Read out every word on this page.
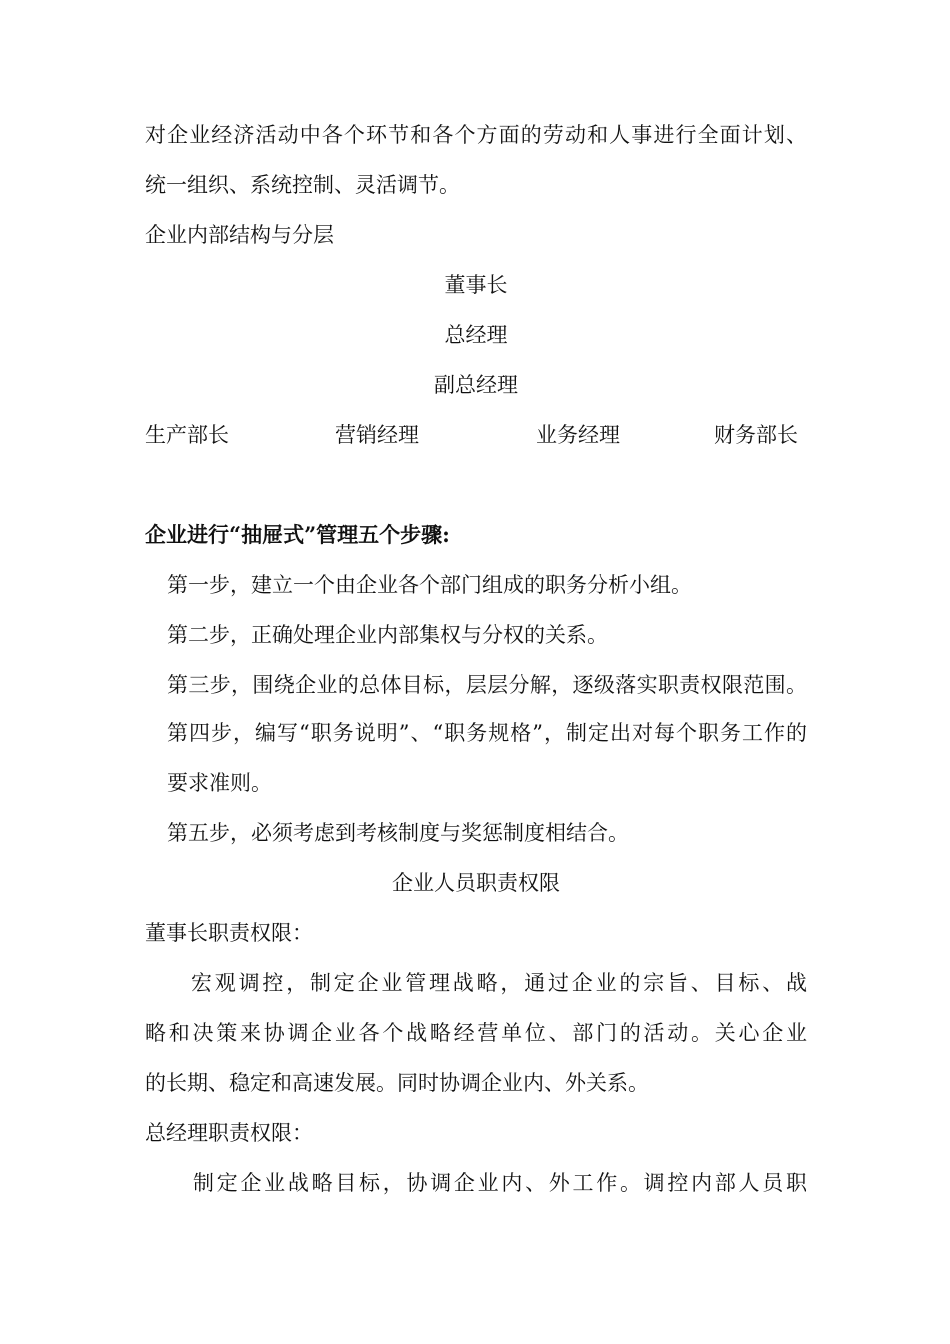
对企业经济活动中各个环节和各个方面的劳动和人事进行全面计划、
统一组织、系统控制、灵活调节。
企业内部结构与分层
董事长
总经理
副总经理
生产部长	营销经理	业务经理	财务部长
企业进行“抽屉式”管理五个步骤:
第一步，建立一个由企业各个部门组成的职务分析小组。
第二步，正确处理企业内部集权与分权的关系。
第三步，围绕企业的总体目标，层层分解，逐级落实职责权限范围。
第四步，编写“职务说明”、“职务规格”，制定出对每个职务工作的
要求准则。
第五步，必须考虑到考核制度与奖惩制度相结合。
企业人员职责权限
董事长职责权限：
宏观调控，制定企业管理战略，通过企业的宗旨、目标、战
略和决策来协调企业各个战略经营单位、部门的活动。关心企业
的长期、稳定和高速发展。同时协调企业内、外关系。
总经理职责权限：
制定企业战略目标，协调企业内、外工作。调控内部人员职
